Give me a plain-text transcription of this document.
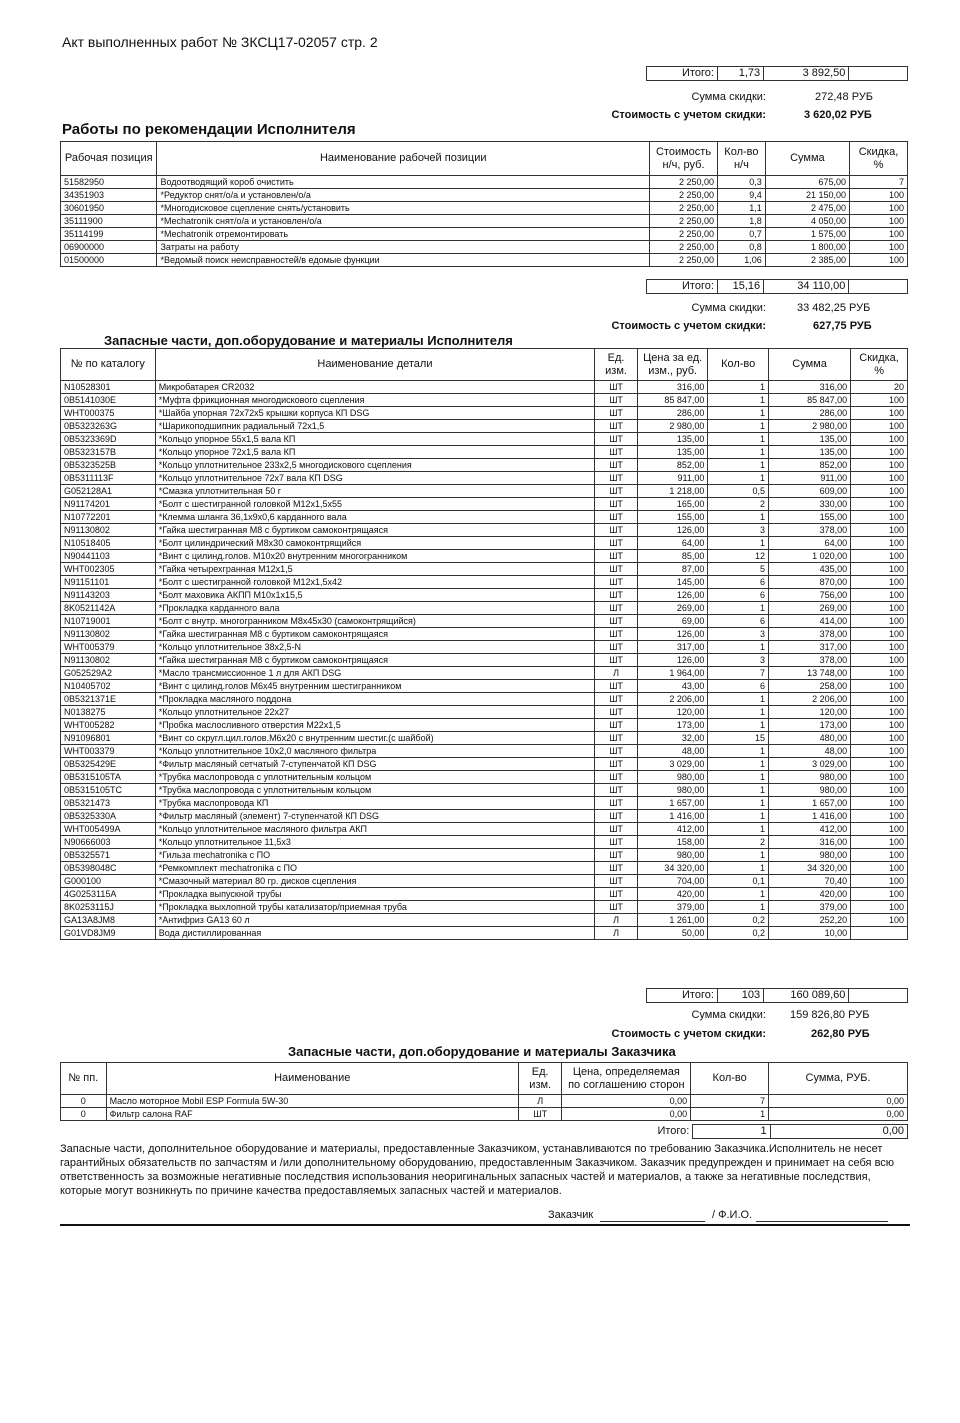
Акт выполненных работ № ЗКСЦ17-02057 стр. 2
Итого:	1,73	3 892,50	
Сумма скидки:	272,48 РУБ
Стоимость с учетом скидки:	3 620,02 РУБ
Работы по рекомендации Исполнителя
Рабочая позиция	Наименование рабочей позиции	Стоимость н/ч, руб.	Кол-во н/ч	Сумма	Скидка, %
51582950	Водоотводящий короб очистить	2 250,00	0,3	675,00	7
34351903	*Редуктор снят/о/а и установлен/о/а	2 250,00	9,4	21 150,00	100
30601950	*Многодисковое сцепление снять/установить	2 250,00	1,1	2 475,00	100
35111900	*Mechatronik снят/о/а и установлен/о/а	2 250,00	1,8	4 050,00	100
35114199	*Mechatronik отремонтировать	2 250,00	0,7	1 575,00	100
06900000	Затраты на работу	2 250,00	0,8	1 800,00	100
01500000	*Ведомый поиск неисправностей/в едомые функции	2 250,00	1,06	2 385,00	100
Итого:	15,16	34 110,00	
Сумма скидки:	33 482,25 РУБ
Стоимость с учетом скидки:	627,75 РУБ
Запасные части, доп.оборудование и материалы Исполнителя
№ по каталогу	Наименование детали	Ед. изм.	Цена за ед. изм., руб.	Кол-во	Сумма	Скидка, %
N10528301	Микробатарея CR2032	ШТ	316,00	1	316,00	20
0B5141030E	*Муфта фрикционная многодискового сцепления	ШТ	85 847,00	1	85 847,00	100
WHT000375	*Шайба упорная 72x72x5 крышки корпуса КП DSG	ШТ	286,00	1	286,00	100
0B5323263G	*Шарикоподшипник радиальный 72x1,5	ШТ	2 980,00	1	2 980,00	100
0B5323369D	*Кольцо упорное 55x1,5 вала КП	ШТ	135,00	1	135,00	100
0B5323157B	*Кольцо упорное 72x1,5 вала КП	ШТ	135,00	1	135,00	100
0B5323525B	*Кольцо уплотнительное 233x2,5 многодискового сцепления	ШТ	852,00	1	852,00	100
0B5311113F	*Кольцо уплотнительное 72x7 вала КП DSG	ШТ	911,00	1	911,00	100
G052128A1	*Смазка уплотнительная 50 г	ШТ	1 218,00	0,5	609,00	100
N91174201	*Болт с шестигранной головкой M12x1,5x55	ШТ	165,00	2	330,00	100
N10772201	*Клемма шланга 36,1x9x0,6 карданного вала	ШТ	155,00	1	155,00	100
N91130802	*Гайка шестигранная M8 с буртиком самоконтрящаяся	ШТ	126,00	3	378,00	100
N10518405	*Болт цилиндрический M8x30 самоконтрящийся	ШТ	64,00	1	64,00	100
N90441103	*Винт с цилинд.голов. M10x20 внутренним многогранником	ШТ	85,00	12	1 020,00	100
WHT002305	*Гайка четырехгранная M12x1,5	ШТ	87,00	5	435,00	100
N91151101	*Болт с шестигранной головкой M12x1,5x42	ШТ	145,00	6	870,00	100
N91143203	*Болт маховика АКПП M10x1x15,5	ШТ	126,00	6	756,00	100
8K0521142A	*Прокладка карданного вала	ШТ	269,00	1	269,00	100
N10719001	*Болт с внутр. многогранником M8x45x30 (самоконтрящийся)	ШТ	69,00	6	414,00	100
N91130802	*Гайка шестигранная M8 с буртиком самоконтрящаяся	ШТ	126,00	3	378,00	100
WHT005379	*Кольцо уплотнительное 38x2,5-N	ШТ	317,00	1	317,00	100
N91130802	*Гайка шестигранная M8 с буртиком самоконтрящаяся	ШТ	126,00	3	378,00	100
G052529A2	*Масло трансмиссионное 1 л для АКП DSG	Л	1 964,00	7	13 748,00	100
N10405702	*Винт с цилинд.голов M6x45 внутренним шестигранником	ШТ	43,00	6	258,00	100
0B5321371E	*Прокладка масляного поддона	ШТ	2 206,00	1	2 206,00	100
N0138275	*Кольцо уплотнительное 22x27	ШТ	120,00	1	120,00	100
WHT005282	*Пробка маслосливного отверстия M22x1,5	ШТ	173,00	1	173,00	100
N91096801	*Винт со скругл.цил.голов.M6x20 с внутренним шестиг.(с шайбой)	ШТ	32,00	15	480,00	100
WHT003379	*Кольцо уплотнительное 10x2,0 масляного фильтра	ШТ	48,00	1	48,00	100
0B5325429E	*Фильтр масляный сетчатый 7-ступенчатой КП DSG	ШТ	3 029,00	1	3 029,00	100
0B5315105TA	*Трубка маслопровода с уплотнительным кольцом	ШТ	980,00	1	980,00	100
0B5315105TC	*Трубка маслопровода с уплотнительным кольцом	ШТ	980,00	1	980,00	100
0B5321473	*Трубка маслопровода КП	ШТ	1 657,00	1	1 657,00	100
0B5325330A	*Фильтр масляный (элемент) 7-ступенчатой КП DSG	ШТ	1 416,00	1	1 416,00	100
WHT005499A	*Кольцо уплотнительное масляного фильтра АКП	ШТ	412,00	1	412,00	100
N90666003	*Кольцо уплотнительное 11,5x3	ШТ	158,00	2	316,00	100
0B5325571	*Гильза mechatronika с ПО	ШТ	980,00	1	980,00	100
0B5398048C	*Ремкомплект mechatronika с ПО	ШТ	34 320,00	1	34 320,00	100
G000100	*Смазочный материал 80 гр. дисков сцепления	ШТ	704,00	0,1	70,40	100
4G0253115A	*Прокладка выпускной трубы	ШТ	420,00	1	420,00	100
8K0253115J	*Прокладка выхлопной трубы катализатор/приемная труба	ШТ	379,00	1	379,00	100
GA13A8JM8	*Антифриз GA13 60 л	Л	1 261,00	0,2	252,20	100
G01VD8JM9	Вода дистиллированная	Л	50,00	0,2	10,00	
Итого:	103	160 089,60	
Сумма скидки: 159 826,80 РУБ
Стоимость с учетом скидки:	262,80 РУБ
Запасные части, доп.оборудование и материалы Заказчика
№ пп.	Наименование	Ед. изм.	Цена, определяемая по соглашению сторон	Кол-во	Сумма, РУБ.
0	Масло моторное Mobil ESP Formula 5W-30	Л	0,00	7	0,00
0	Фильтр салона RAF	ШТ	0,00	1	0,00
Итого:	1	0,00
Запасные части, дополнительное оборудование и материалы, предоставленные Заказчиком, устанавливаются по требованию Заказчика.Исполнитель не несет гарантийных обязательств по запчастям и /или дополнительному оборудованию, предоставленным Заказчиком. Заказчик предупрежден и принимает на себя всю ответственность за возможные негативные последствия использования неоригинальных запасных частей и материалов, а также за негативные последствия, которые могут возникнуть по причине качества предоставляемых запасных частей и материалов.
Заказчик	/ Ф.И.О.
